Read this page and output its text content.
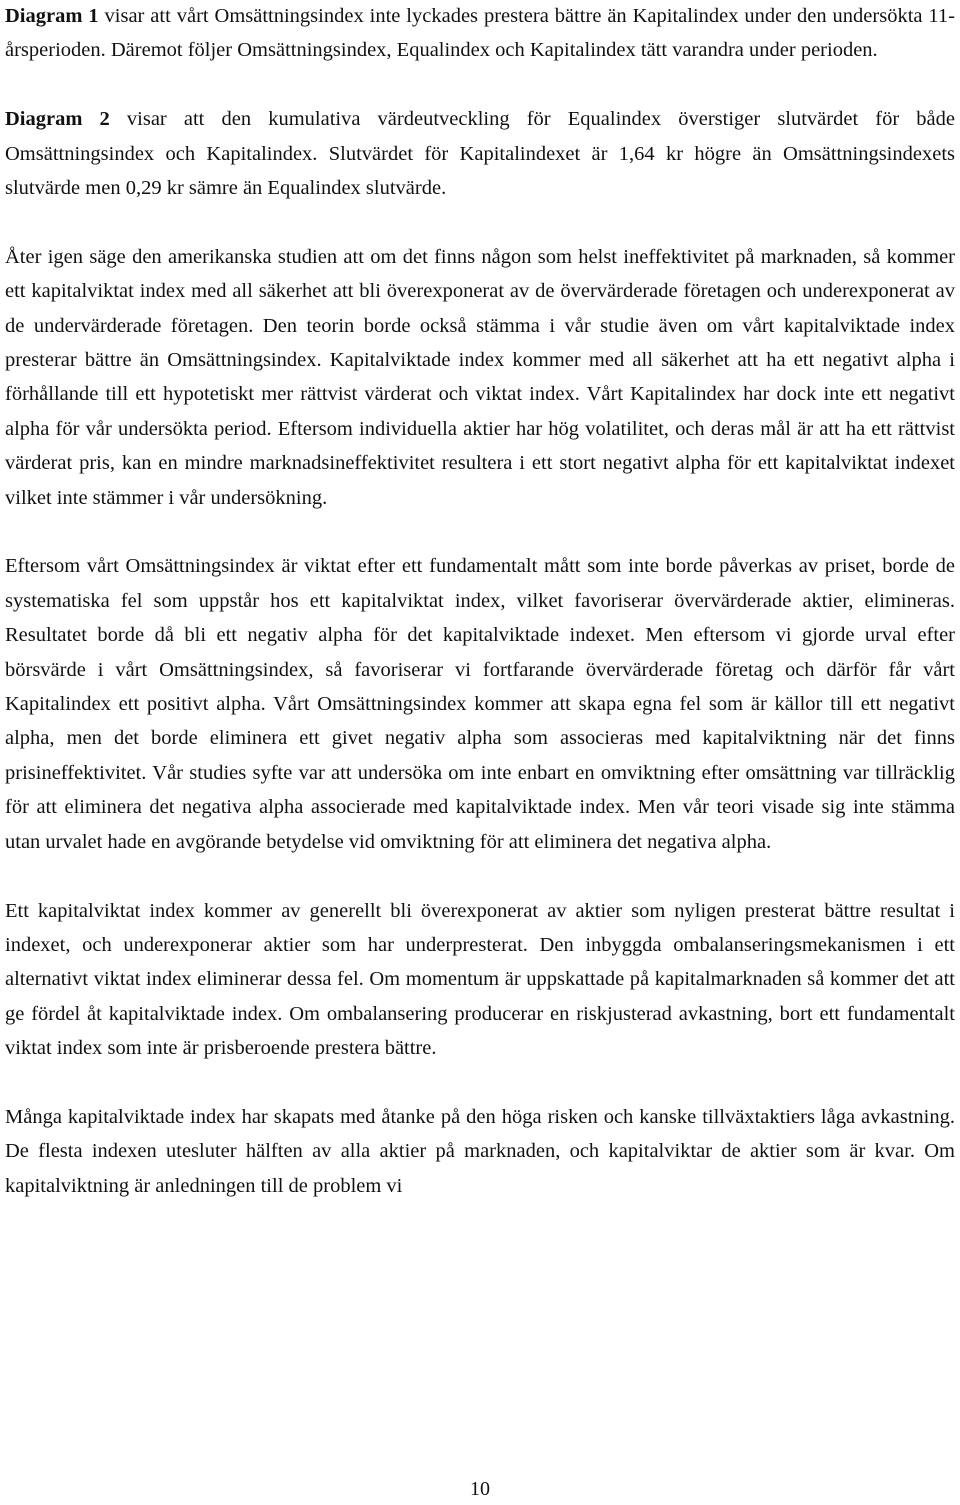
Diagram 1 visar att vårt Omsättningsindex inte lyckades prestera bättre än Kapitalindex under den undersökta 11-årsperioden. Däremot följer Omsättningsindex, Equalindex och Kapitalindex tätt varandra under perioden.

Diagram 2 visar att den kumulativa värdeutveckling för Equalindex överstiger slutvärdet för både Omsättningsindex och Kapitalindex. Slutvärdet för Kapitalindexet är 1,64 kr högre än Omsättningsindexets slutvärde men 0,29 kr sämre än Equalindex slutvärde.

Åter igen säge den amerikanska studien att om det finns någon som helst ineffektivitet på marknaden, så kommer ett kapitalviktat index med all säkerhet att bli överexponerat av de övervärderade företagen och underexponerat av de undervärderade företagen. Den teorin borde också stämma i vår studie även om vårt kapitalviktade index presterar bättre än Omsättningsindex. Kapitalviktade index kommer med all säkerhet att ha ett negativt alpha i förhållande till ett hypotetiskt mer rättvist värderat och viktat index. Vårt Kapitalindex har dock inte ett negativt alpha för vår undersökta period. Eftersom individuella aktier har hög volatilitet, och deras mål är att ha ett rättvist värderat pris, kan en mindre marknadsineffektivitet resultera i ett stort negativt alpha för ett kapitalviktat indexet vilket inte stämmer i vår undersökning.

Eftersom vårt Omsättningsindex är viktat efter ett fundamentalt mått som inte borde påverkas av priset, borde de systematiska fel som uppstår hos ett kapitalviktat index, vilket favoriserar övervärderade aktier, elimineras. Resultatet borde då bli ett negativ alpha för det kapitalviktade indexet. Men eftersom vi gjorde urval efter börsvärde i vårt Omsättningsindex, så favoriserar vi fortfarande övervärderade företag och därför får vårt Kapitalindex ett positivt alpha. Vårt Omsättningsindex kommer att skapa egna fel som är källor till ett negativt alpha, men det borde eliminera ett givet negativ alpha som associeras med kapitalviktning när det finns prisineffektivitet. Vår studies syfte var att undersöka om inte enbart en omviktning efter omsättning var tillräcklig för att eliminera det negativa alpha associerade med kapitalviktade index. Men vår teori visade sig inte stämma utan urvalet hade en avgörande betydelse vid omviktning för att eliminera det negativa alpha.

Ett kapitalviktat index kommer av generellt bli överexponerat av aktier som nyligen presterat bättre resultat i indexet, och underexponerar aktier som har underpresterat. Den inbyggda ombalanseringsmekanismen i ett alternativt viktat index eliminerar dessa fel. Om momentum är uppskattade på kapitalmarknaden så kommer det att ge fördel åt kapitalviktade index. Om ombalansering producerar en riskjusterad avkastning, bort ett fundamentalt viktat index som inte är prisberoende prestera bättre.

Många kapitalviktade index har skapats med åtanke på den höga risken och kanske tillväxtaktiers låga avkastning. De flesta indexen utesluter hälften av alla aktier på marknaden, och kapitalviktar de aktier som är kvar. Om kapitalviktning är anledningen till de problem vi

10
